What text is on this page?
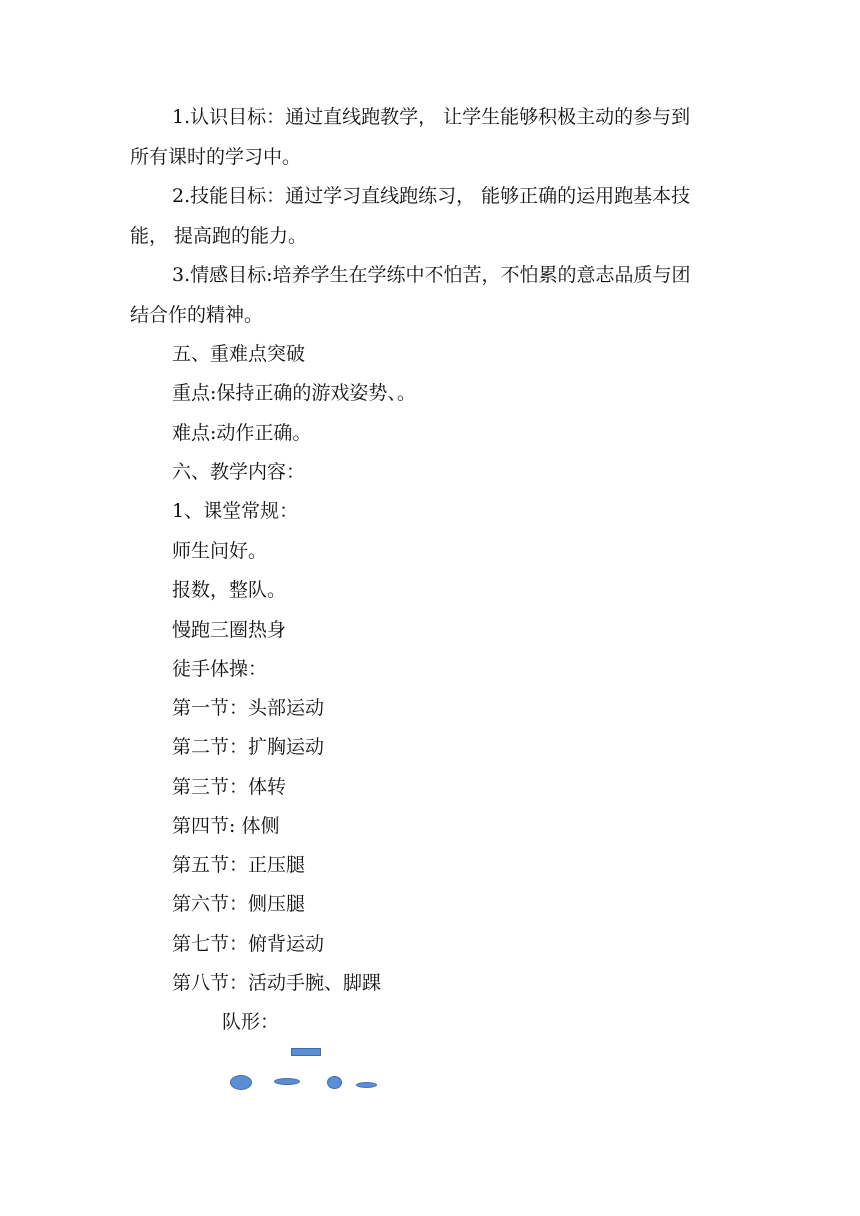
1.认识目标：通过直线跑教学， 让学生能够积极主动的参与到
所有课时的学习中。
2.技能目标：通过学习直线跑练习， 能够正确的运用跑基本技
能， 提高跑的能力。
3.情感目标:培养学生在学练中不怕苦，不怕累的意志品质与团
结合作的精神。
五、重难点突破
重点:保持正确的游戏姿势、。
难点:动作正确。
六、教学内容：
1、课堂常规：
师生问好。
报数，整队。
慢跑三圈热身
徒手体操：
第一节：头部运动
第二节：扩胸运动
第三节：体转
第四节: 体侧
第五节：正压腿
第六节：侧压腿
第七节：俯背运动
第八节：活动手腕、脚踝
队形：
